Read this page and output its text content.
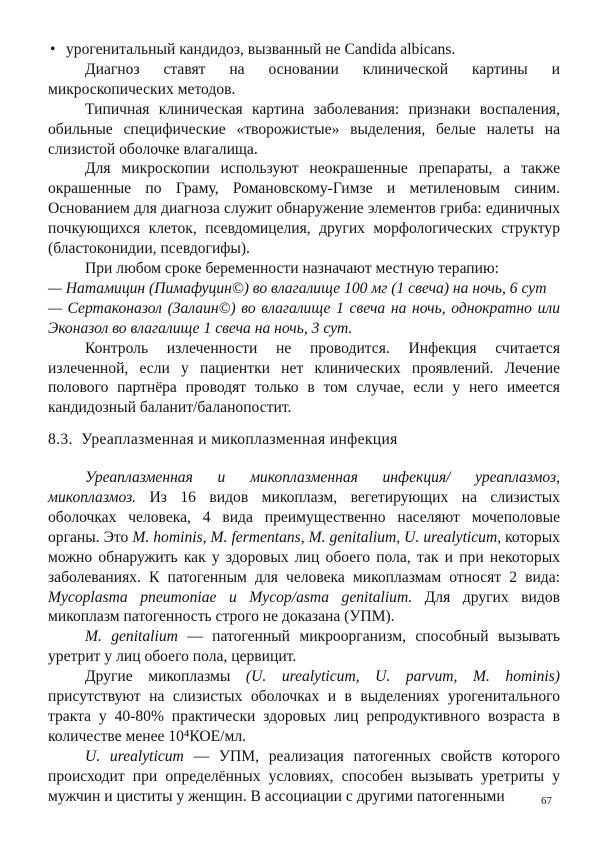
• урогенитальный кандидоз, вызванный не Candida albicans.

Диагноз ставят на основании клинической картины и микроскопических методов.

Типичная клиническая картина заболевания: признаки воспаления, обильные специфические «творожистые» выделения, белые налеты на слизистой оболочке влагалища.

Для микроскопии используют неокрашенные препараты, а также окрашенные по Граму, Романовскому-Гимзе и метиленовым синим. Основанием для диагноза служит обнаружение элементов гриба: единичных почкующихся клеток, псевдомицелия, других морфологических структур (бластоконидии, псевдогифы).

При любом сроке беременности назначают местную терапию:

— Натамицин (Пимафуцин©) во влагалище 100 мг (1 свеча) на ночь, 6 сут

— Сертаконазол (Залаин©) во влагалище 1 свеча на ночь, однократно или Эконазол во влагалище 1 свеча на ночь, 3 сут.

Контроль излеченности не проводится. Инфекция считается излеченной, если у пациентки нет клинических проявлений. Лечение полового партнёра проводят только в том случае, если у него имеется кандидозный баланит/баланопостит.

8.3. Уреаплазменная и микоплазменная инфекция

Уреаплазменная и микоплазменная инфекция/ уреаплазмоз, микоплазмоз. Из 16 видов микоплазм, вегетирующих на слизистых оболочках человека, 4 вида преимущественно населяют мочеполовые органы. Это M. hominis, M. fermentans, M. genitalium, U. urealyticum, которых можно обнаружить как у здоровых лиц обоего пола, так и при некоторых заболеваниях. К патогенным для человека микоплазмам относят 2 вида: Mycoplasma pneumoniae и Mycop/asma genitalium. Для других видов микоплазм патогенность строго не доказана (УПМ).

M. genitalium — патогенный микроорганизм, способный вызывать уретрит у лиц обоего пола, цервицит.

Другие микоплазмы (U. urealyticum, U. parvum, M. hominis) присутствуют на слизистых оболочках и в выделениях урогенитального тракта у 40-80% практически здоровых лиц репродуктивного возраста в количестве менее 10⁴КОЕ/мл.

U. urealyticum — УПМ, реализация патогенных свойств которого происходит при определённых условиях, способен вызывать уретриты у мужчин и циститы у женщин. В ассоциации с другими патогенными	67
